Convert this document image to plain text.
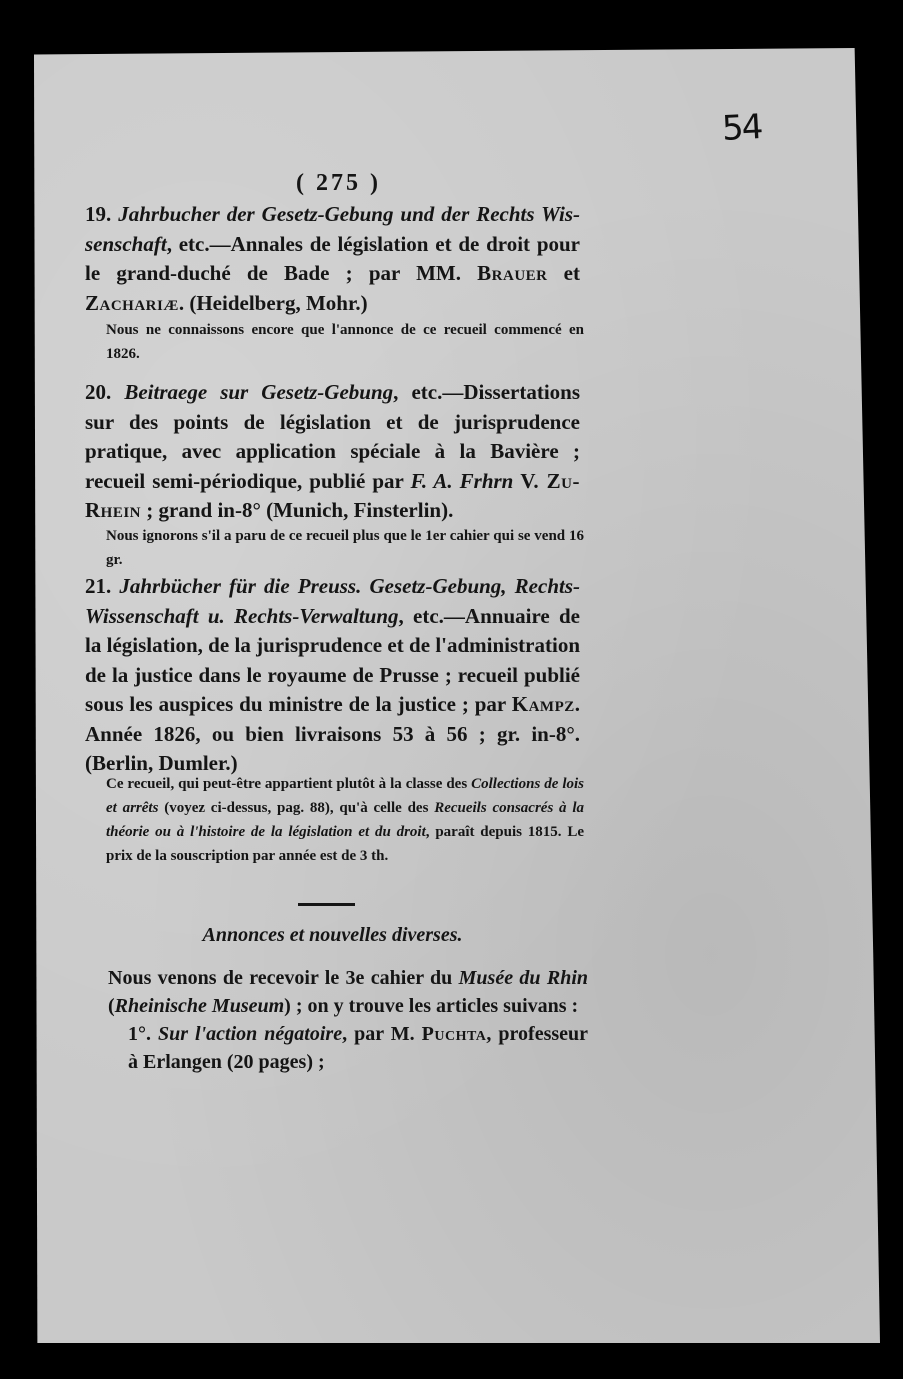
54
( 275 )
19. Jahrbucher der Gesetz-Gebung und der Rechts Wis- senschaft, etc.—Annales de législation et de droit pour le grand-duché de Bade ; par MM. Brauer et Zachariæ. (Heidelberg, Mohr.)
Nous ne connaissons encore que l'annonce de ce recueil commencé en 1826.
20. Beitraege sur Gesetz-Gebung, etc.—Dissertations sur des points de législation et de jurisprudence pratique, avec application spéciale à la Bavière ; recueil semi-périodique, publié par F. A. Frhrn V. Zu-Rhein ; grand in-8° (Munich, Finsterlin).
Nous ignorons s'il a paru de ce recueil plus que le 1er cahier qui se vend 16 gr.
21. Jahrbücher für die Preuss. Gesetz-Gebung, Rechts-Wissenschaft u. Rechts-Verwaltung, etc.—Annuaire de la législation, de la jurisprudence et de l'administration de la justice dans le royaume de Prusse ; recueil publié sous les auspices du ministre de la justice ; par Kampz. Année 1826, ou bien livraisons 53 à 56 ; gr. in-8°. (Berlin, Dumler.)
Ce recueil, qui peut-être appartient plutôt à la classe des Collections de lois et arrêts (voyez ci-dessus, pag. 88), qu'à celle des Recueils consacrés à la théorie ou à l'histoire de la législation et du droit, paraît depuis 1815. Le prix de la souscription par année est de 3 th.
Annonces et nouvelles diverses.
Nous venons de recevoir le 3e cahier du Musée du Rhin (Rheinische Museum) ; on y trouve les articles suivans :
1°. Sur l'action négatoire, par M. Puchta, professeur à Erlangen (20 pages) ;
